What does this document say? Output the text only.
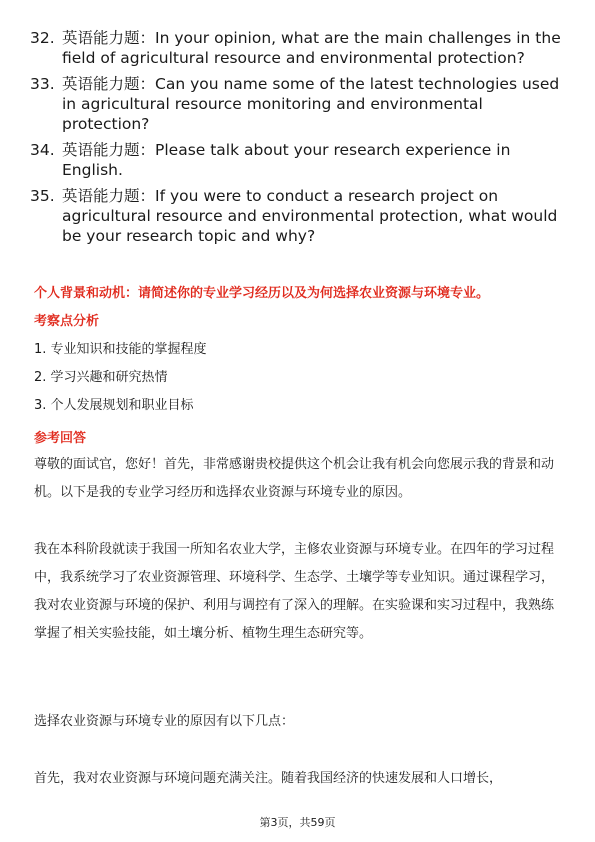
32. 英语能力题：In your opinion, what are the main challenges in the field of agricultural resource and environmental protection?
33. 英语能力题：Can you name some of the latest technologies used in agricultural resource monitoring and environmental protection?
34. 英语能力题：Please talk about your research experience in English.
35. 英语能力题：If you were to conduct a research project on agricultural resource and environmental protection, what would be your research topic and why?
个人背景和动机：请简述你的专业学习经历以及为何选择农业资源与环境专业。
考察点分析
1. 专业知识和技能的掌握程度
2. 学习兴趣和研究热情
3. 个人发展规划和职业目标
参考回答
尊敬的面试官，您好！首先，非常感谢贵校提供这个机会让我有机会向您展示我的背景和动机。以下是我的专业学习经历和选择农业资源与环境专业的原因。
我在本科阶段就读于我国一所知名农业大学，主修农业资源与环境专业。在四年的学习过程中，我系统学习了农业资源管理、环境科学、生态学、土壤学等专业知识。通过课程学习，我对农业资源与环境的保护、利用与调控有了深入的理解。在实验课和实习过程中，我熟练掌握了相关实验技能，如土壤分析、植物生理生态研究等。
选择农业资源与环境专业的原因有以下几点：
首先，我对农业资源与环境问题充满关注。随着我国经济的快速发展和人口增长，
第3页，共59页
